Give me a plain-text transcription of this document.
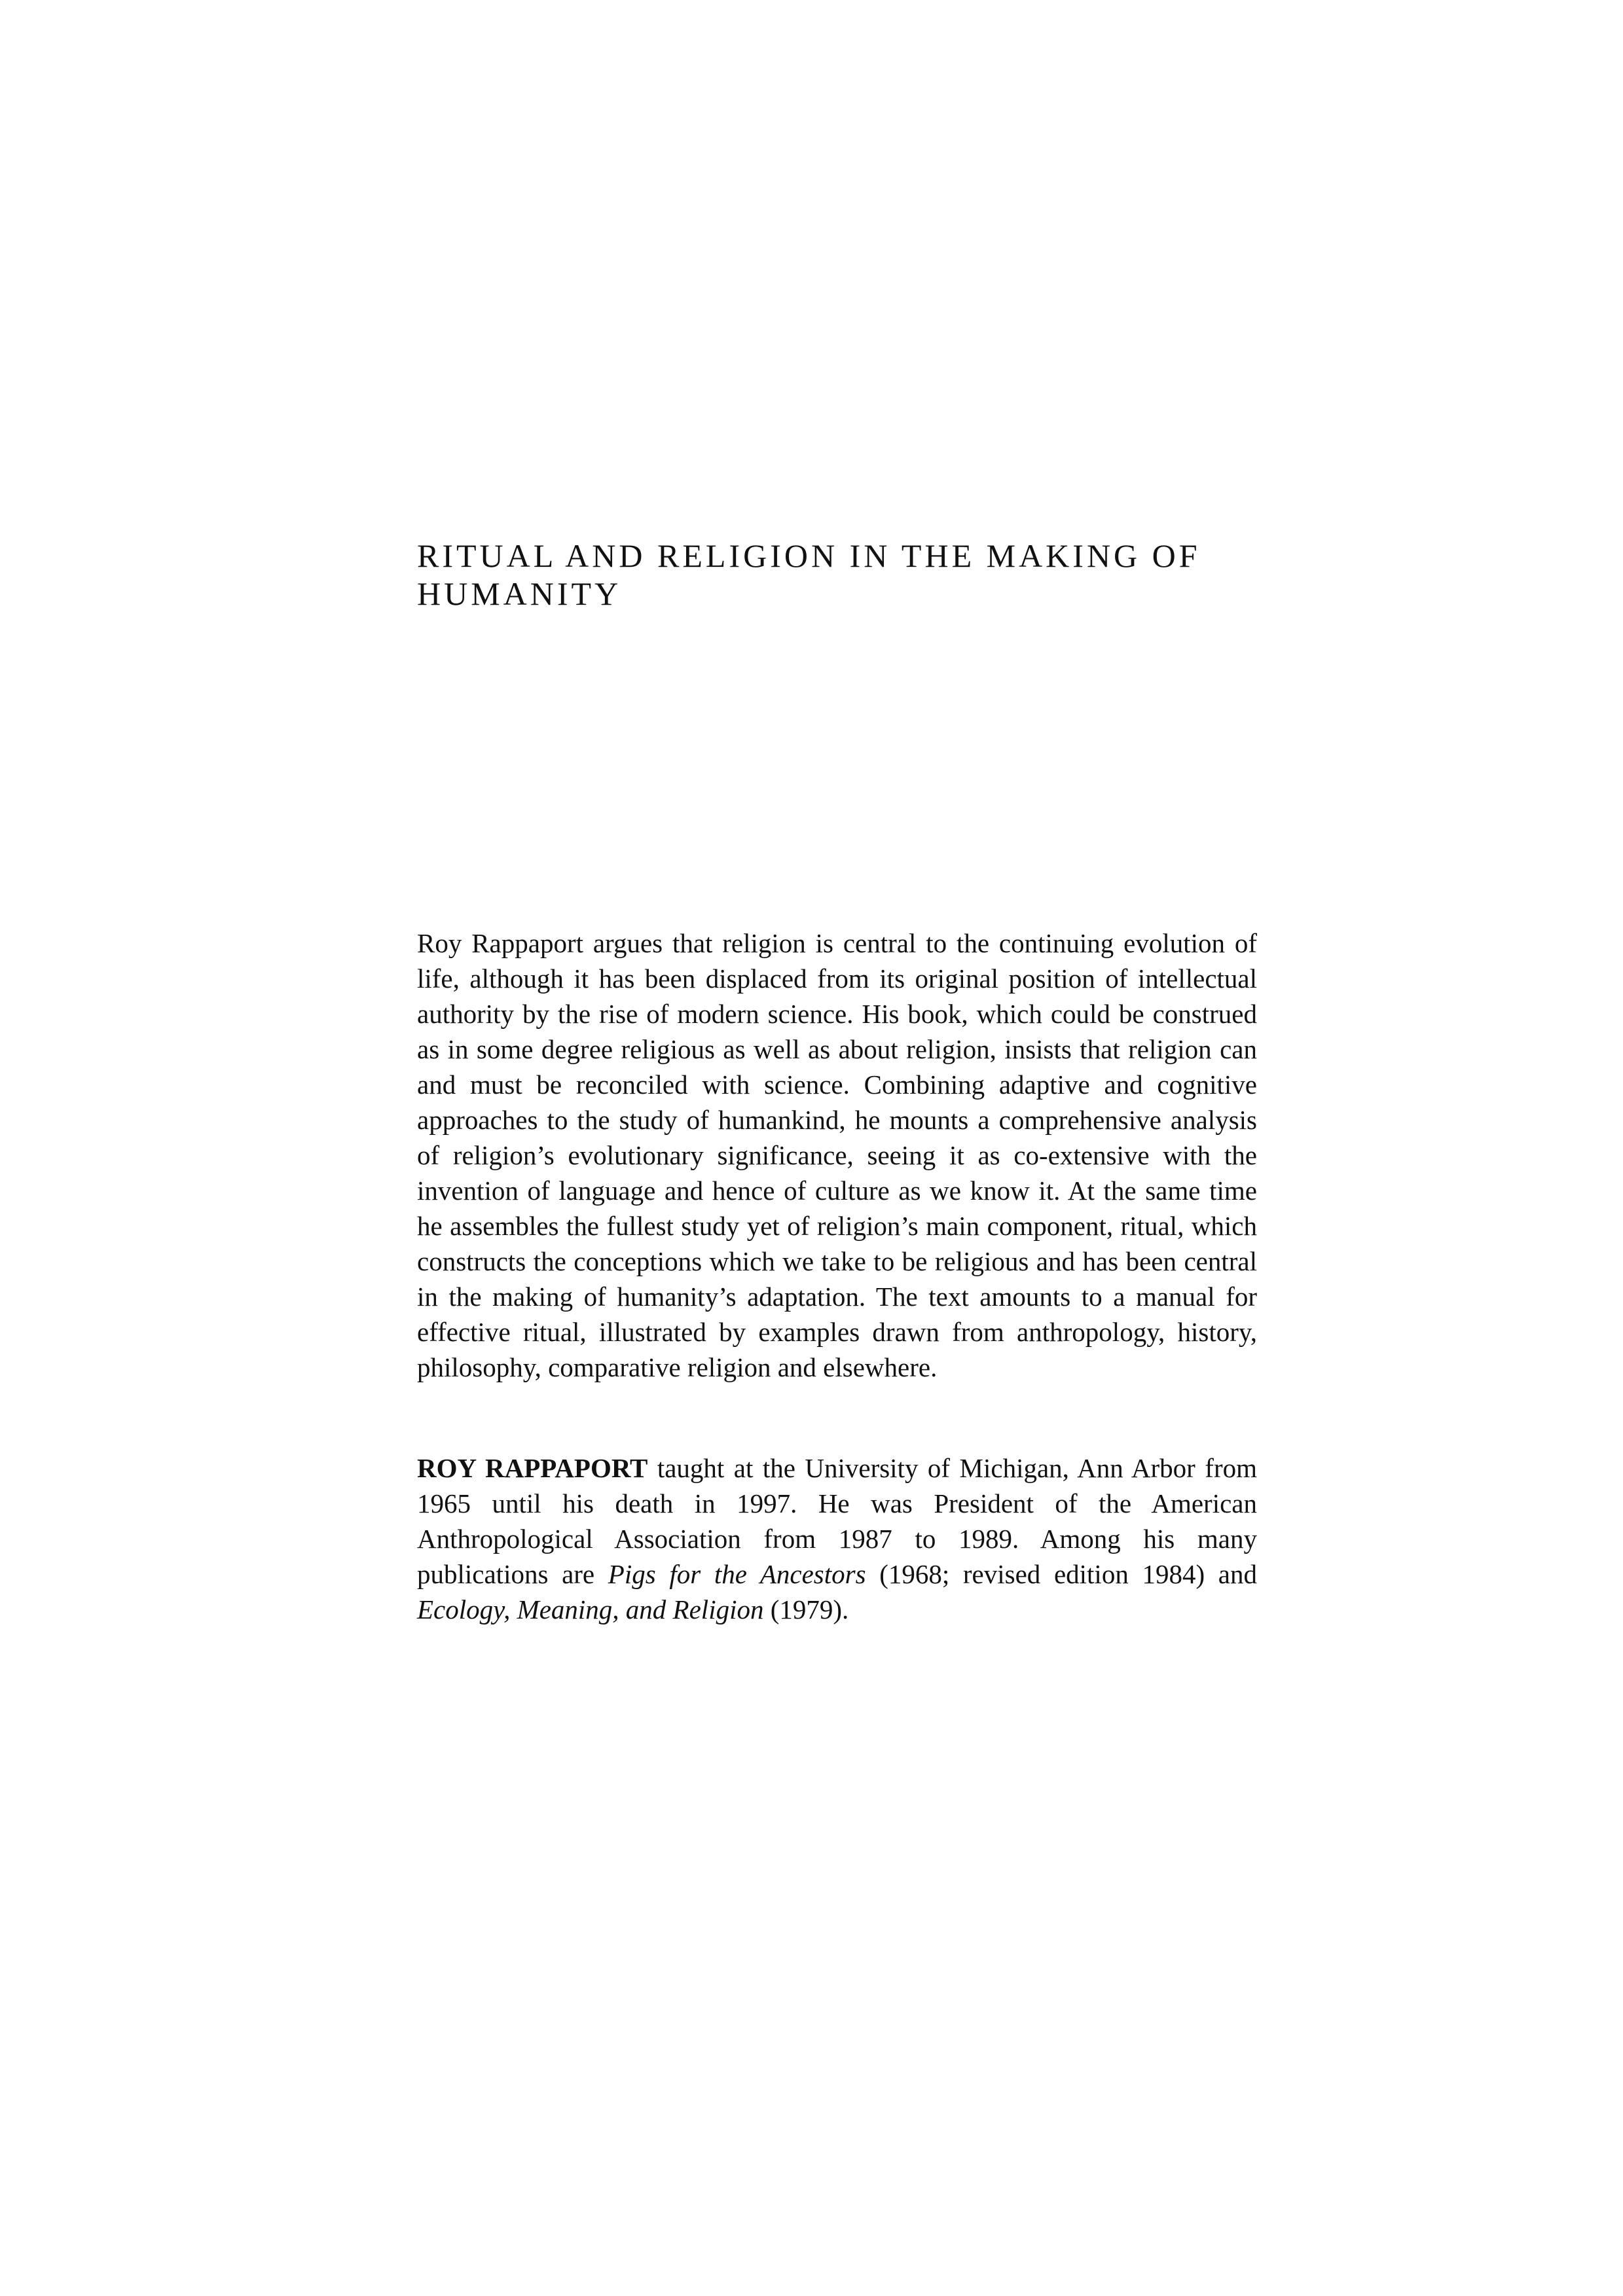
RITUAL AND RELIGION IN THE MAKING OF
HUMANITY

Roy Rappaport argues that religion is central to the continuing evolution of life, although it has been displaced from its original position of intellectual authority by the rise of modern science. His book, which could be construed as in some degree religious as well as about religion, insists that religion can and must be reconciled with science. Combining adaptive and cognitive approaches to the study of humankind, he mounts a comprehensive analysis of religion’s evolutionary significance, seeing it as co-extensive with the invention of language and hence of culture as we know it. At the same time he assembles the fullest study yet of religion’s main component, ritual, which constructs the conceptions which we take to be religious and has been central in the making of humanity’s adaptation. The text amounts to a manual for effective ritual, illustrated by examples drawn from anthropology, history, philosophy, comparative religion and elsewhere.

ROY RAPPAPORT taught at the University of Michigan, Ann Arbor from 1965 until his death in 1997. He was President of the American Anthropological Association from 1987 to 1989. Among his many publications are Pigs for the Ancestors (1968; revised edition 1984) and Ecology, Meaning, and Religion (1979).
